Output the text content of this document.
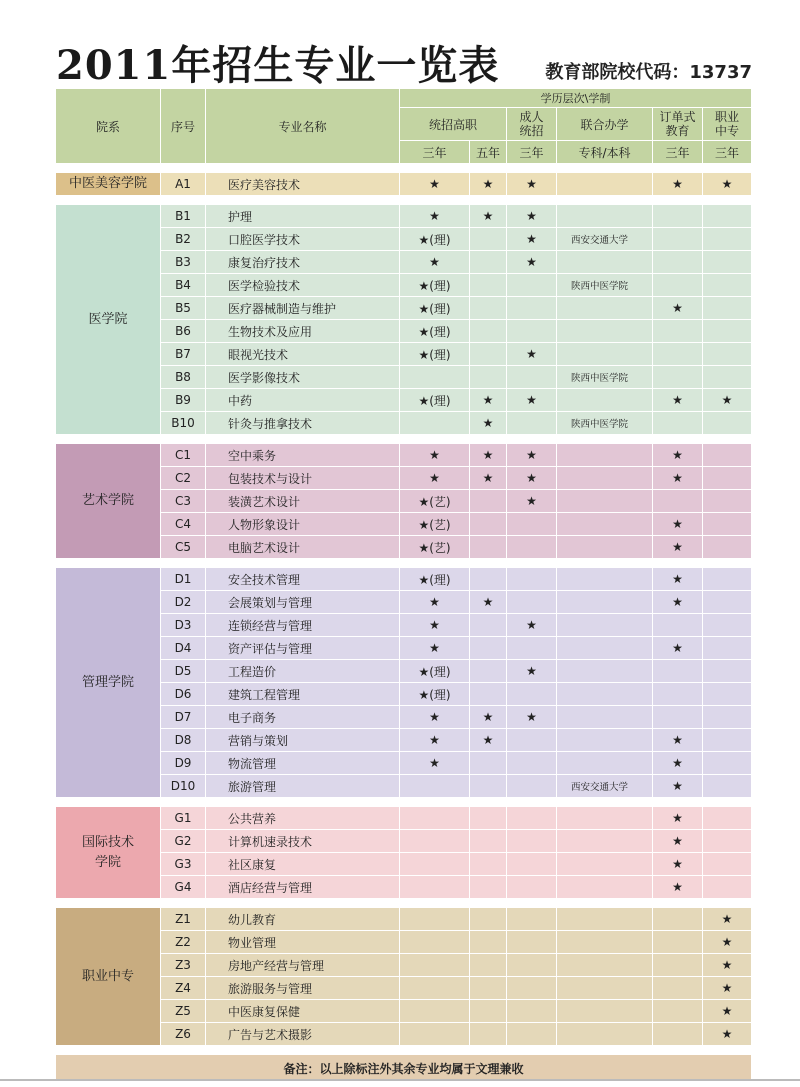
2011年招生专业一览表	教育部院校代码：13737
院系	序号	专业名称	学历层次\学制					
			统招高职		成人统招	联合办学	订单式教育	职业中专
			三年	五年	三年	专科/本科	三年	三年

中医美容学院	A1	医疗美容技术	★	★	★		★	★

医学院	B1	护理	★	★	★			
	B2	口腔医学技术	★(理)		★	西安交通大学		
	B3	康复治疗技术	★		★			
	B4	医学检验技术	★(理)			陕西中医学院		
	B5	医疗器械制造与维护	★(理)				★	
	B6	生物技术及应用	★(理)					
	B7	眼视光技术	★(理)		★			
	B8	医学影像技术				陕西中医学院		
	B9	中药	★(理)	★	★		★	★
	B10	针灸与推拿技术		★		陕西中医学院		

艺术学院	C1	空中乘务	★	★	★		★	
	C2	包装技术与设计	★	★	★		★	
	C3	装潢艺术设计	★(艺)		★			
	C4	人物形象设计	★(艺)				★	
	C5	电脑艺术设计	★(艺)				★	

管理学院	D1	安全技术管理	★(理)				★	
	D2	会展策划与管理	★	★			★	
	D3	连锁经营与管理	★		★			
	D4	资产评估与管理	★				★	
	D5	工程造价	★(理)		★			
	D6	建筑工程管理	★(理)					
	D7	电子商务	★	★	★			
	D8	营销与策划	★	★			★	
	D9	物流管理	★				★	
	D10	旅游管理				西安交通大学	★	

国际技术学院	G1	公共营养					★	
	G2	计算机速录技术					★	
	G3	社区康复					★	
	G4	酒店经营与管理					★	

职业中专	Z1	幼儿教育						★
	Z2	物业管理						★
	Z3	房地产经营与管理						★
	Z4	旅游服务与管理						★
	Z5	中医康复保健						★
	Z6	广告与艺术摄影						★

备注：以上除标注外其余专业均属于文理兼收								
